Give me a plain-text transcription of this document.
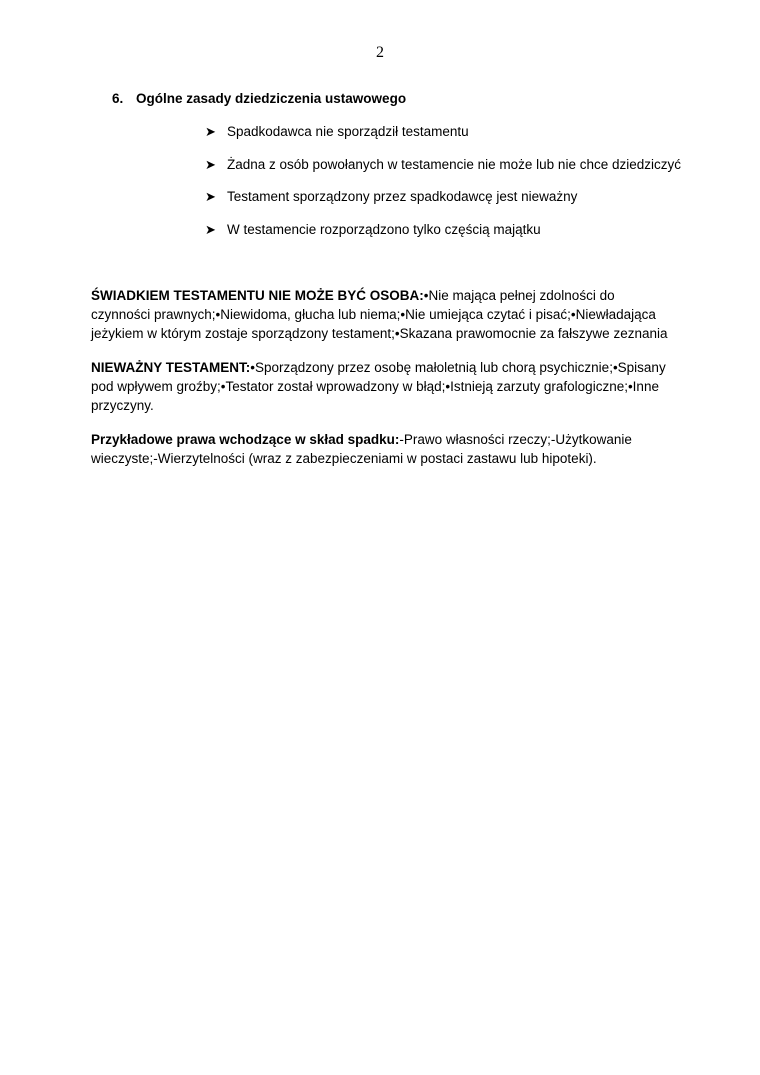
2
6. Ogólne zasady dziedziczenia ustawowego
➤ Spadkodawca nie sporządził testamentu
➤ Żadna z osób powołanych w testamencie nie może lub nie chce dziedziczyć
➤ Testament sporządzony przez spadkodawcę jest nieważny
➤ W testamencie rozporządzono tylko częścią majątku

ŚWIADKIEM TESTAMENTU NIE MOŻE BYĆ OSOBA:•Nie mająca pełnej zdolności do czynności prawnych;•Niewidoma, głucha lub niema;•Nie umiejąca czytać i pisać;•Niewładająca jeżykiem w którym zostaje sporządzony testament;•Skazana prawomocnie za fałszywe zeznania

NIEWAŻNY TESTAMENT:•Sporządzony przez osobę małoletnią lub chorą psychicznie;•Spisany pod wpływem groźby;•Testator został wprowadzony w błąd;•Istnieją zarzuty grafologiczne;•Inne przyczyny.

Przykładowe prawa wchodzące w skład spadku:-Prawo własności rzeczy;-Użytkowanie wieczyste;-Wierzytelności (wraz z zabezpieczeniami w postaci zastawu lub hipoteki).
